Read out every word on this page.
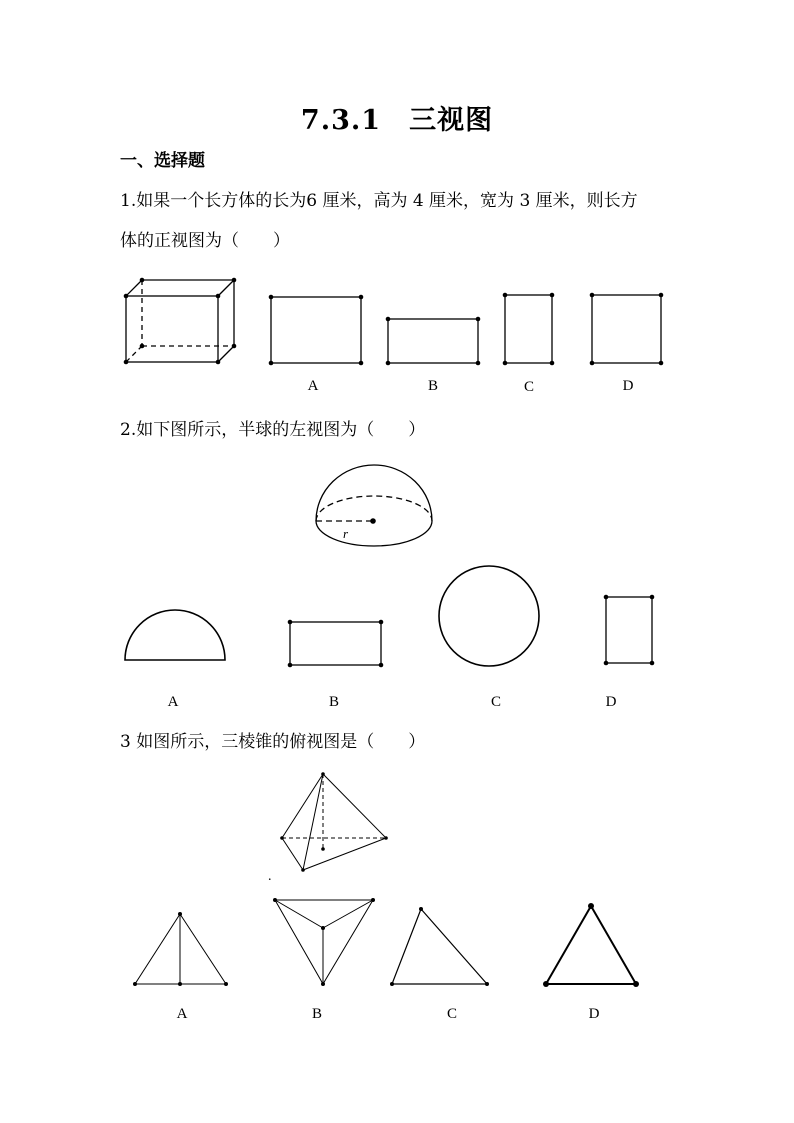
7.3.1　三视图
一、选择题
1.如果一个长方体的长为6 厘米，高为 4 厘米，宽为 3 厘米，则长方
体的正视图为（　　）
2.如下图所示，半球的左视图为（　　）
3 如图所示，三棱锥的俯视图是（　　）
A	B	C	D
r
A	B	C	D
.
A	B	C	D
